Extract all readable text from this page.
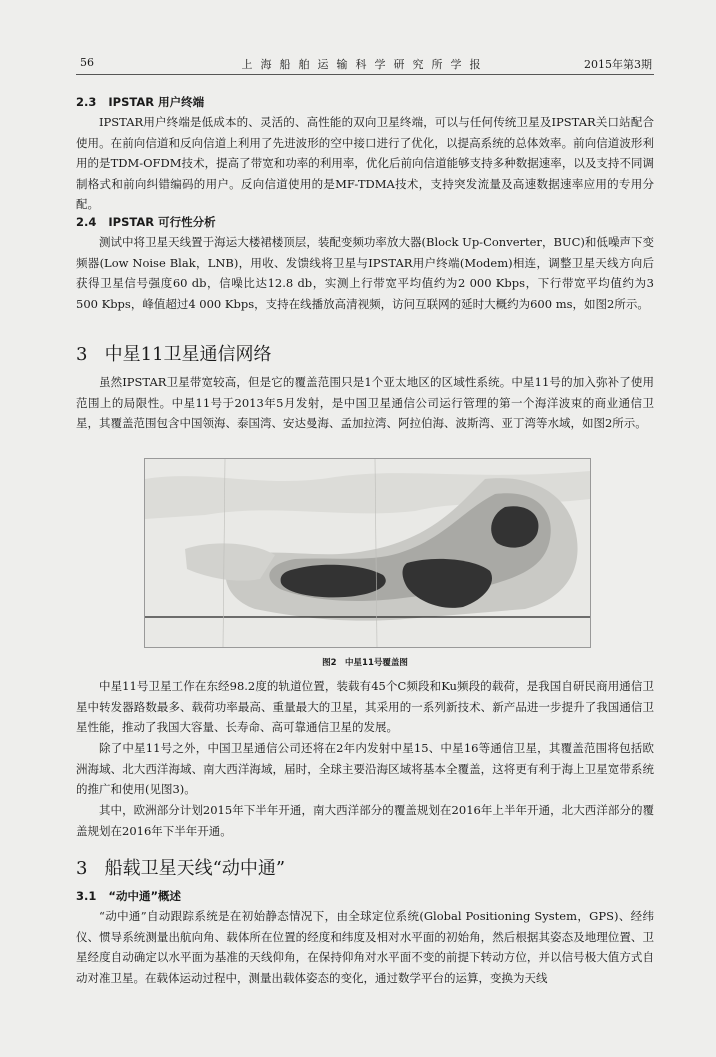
56	上海船舶运输科学研究所学报	2015年第3期
2.3 IPSTAR 用户终端

IPSTAR用户终端是低成本的、灵活的、高性能的双向卫星终端，可以与任何传统卫星及IPSTAR关口站配合使用。在前向信道和反向信道上利用了先进波形的空中接口进行了优化，以提高系统的总体效率。前向信道波形利用的是TDM-OFDM技术，提高了带宽和功率的利用率，优化后前向信道能够支持多种数据速率，以及支持不同调制格式和前向纠错编码的用户。反向信道使用的是MF-TDMA技术，支持突发流量及高速数据速率应用的专用分配。

2.4 IPSTAR 可行性分析

测试中将卫星天线置于海运大楼裙楼顶层，装配变频功率放大器(Block Up-Converter，BUC)和低噪声下变频器(Low Noise Blak，LNB)，用收、发馈线将卫星与IPSTAR用户终端(Modem)相连，调整卫星天线方向后获得卫星信号强度60 db，信噪比达12.8 db，实测上行带宽平均值约为2 000 Kbps，下行带宽平均值约为3 500 Kbps，峰值超过4 000 Kbps，支持在线播放高清视频，访问互联网的延时大概约为600 ms，如图2所示。

3 中星11卫星通信网络

虽然IPSTAR卫星带宽较高，但是它的覆盖范围只是1个亚太地区的区域性系统。中星11号的加入弥补了使用范围上的局限性。中星11号于2013年5月发射，是中国卫星通信公司运行管理的第一个海洋波束的商业通信卫星，其覆盖范围包含中国领海、泰国湾、安达曼海、孟加拉湾、阿拉伯海、波斯湾、亚丁湾等水域，如图2所示。

图2　中星11号覆盖图

中星11号卫星工作在东经98.2度的轨道位置，装载有45个C频段和Ku频段的载荷，是我国自研民商用通信卫星中转发器路数最多、载荷功率最高、重量最大的卫星，其采用的一系列新技术、新产品进一步提升了我国通信卫星性能，推动了我国大容量、长寿命、高可靠通信卫星的发展。

除了中星11号之外，中国卫星通信公司还将在2年内发射中星15、中星16等通信卫星，其覆盖范围将包括欧洲海域、北大西洋海域、南大西洋海域，届时，全球主要沿海区域将基本全覆盖，这将更有利于海上卫星宽带系统的推广和使用(见图3)。

其中，欧洲部分计划2015年下半年开通，南大西洋部分的覆盖规划在2016年上半年开通，北大西洋部分的覆盖规划在2016年下半年开通。

3 船载卫星天线“动中通”
3.1 “动中通”概述

“动中通”自动跟踪系统是在初始静态情况下，由全球定位系统(Global Positioning System，GPS)、经纬仪、惯导系统测量出航向角、载体所在位置的经度和纬度及相对水平面的初始角，然后根据其姿态及地理位置、卫星经度自动确定以水平面为基准的天线仰角，在保持仰角对水平面不变的前提下转动方位，并以信号极大值方式自动对准卫星。在载体运动过程中，测量出载体姿态的变化，通过数学平台的运算，变换为天线
